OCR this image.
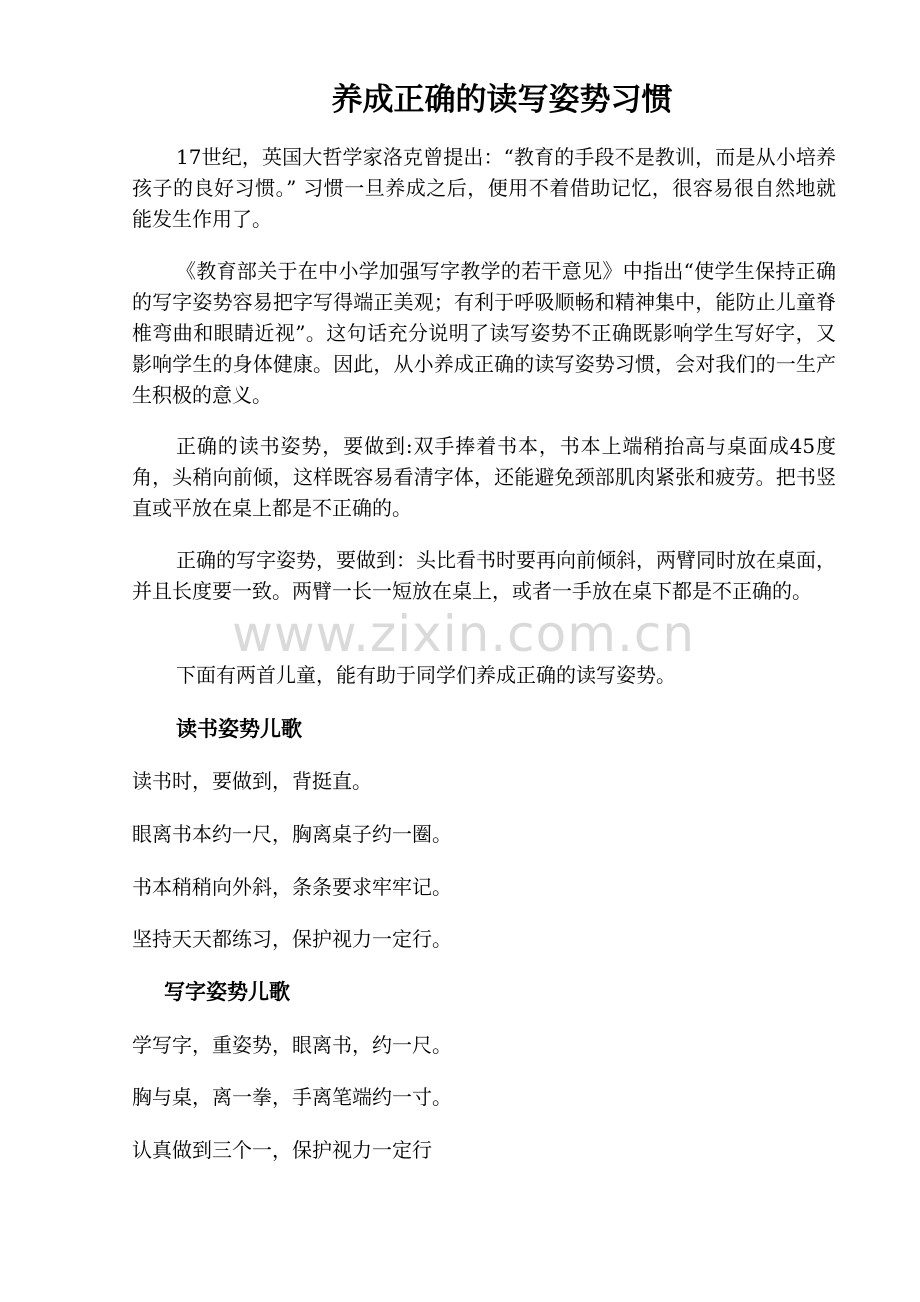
养成正确的读写姿势习惯

17世纪，英国大哲学家洛克曾提出：“教育的手段不是教训，而是从小培养孩子的良好习惯。” 习惯一旦养成之后，便用不着借助记忆，很容易很自然地就能发生作用了。

《教育部关于在中小学加强写字教学的若干意见》中指出“使学生保持正确的写字姿势容易把字写得端正美观；有利于呼吸顺畅和精神集中，能防止儿童脊椎弯曲和眼睛近视”。这句话充分说明了读写姿势不正确既影响学生写好字，又影响学生的身体健康。因此，从小养成正确的读写姿势习惯，会对我们的一生产生积极的意义。

正确的读书姿势，要做到:双手捧着书本，书本上端稍抬高与桌面成45度角，头稍向前倾，这样既容易看清字体，还能避免颈部肌肉紧张和疲劳。把书竖直或平放在桌上都是不正确的。

正确的写字姿势，要做到：头比看书时要再向前倾斜，两臂同时放在桌面，并且长度要一致。两臂一长一短放在桌上，或者一手放在桌下都是不正确的。

下面有两首儿童，能有助于同学们养成正确的读写姿势。

读书姿势儿歌

读书时，要做到，背挺直。

眼离书本约一尺，胸离桌子约一圈。

书本稍稍向外斜，条条要求牢牢记。

坚持天天都练习，保护视力一定行。

写字姿势儿歌

学写字，重姿势，眼离书，约一尺。

胸与桌，离一拳，手离笔端约一寸。

认真做到三个一，保护视力一定行

www.zixin.com.cn
